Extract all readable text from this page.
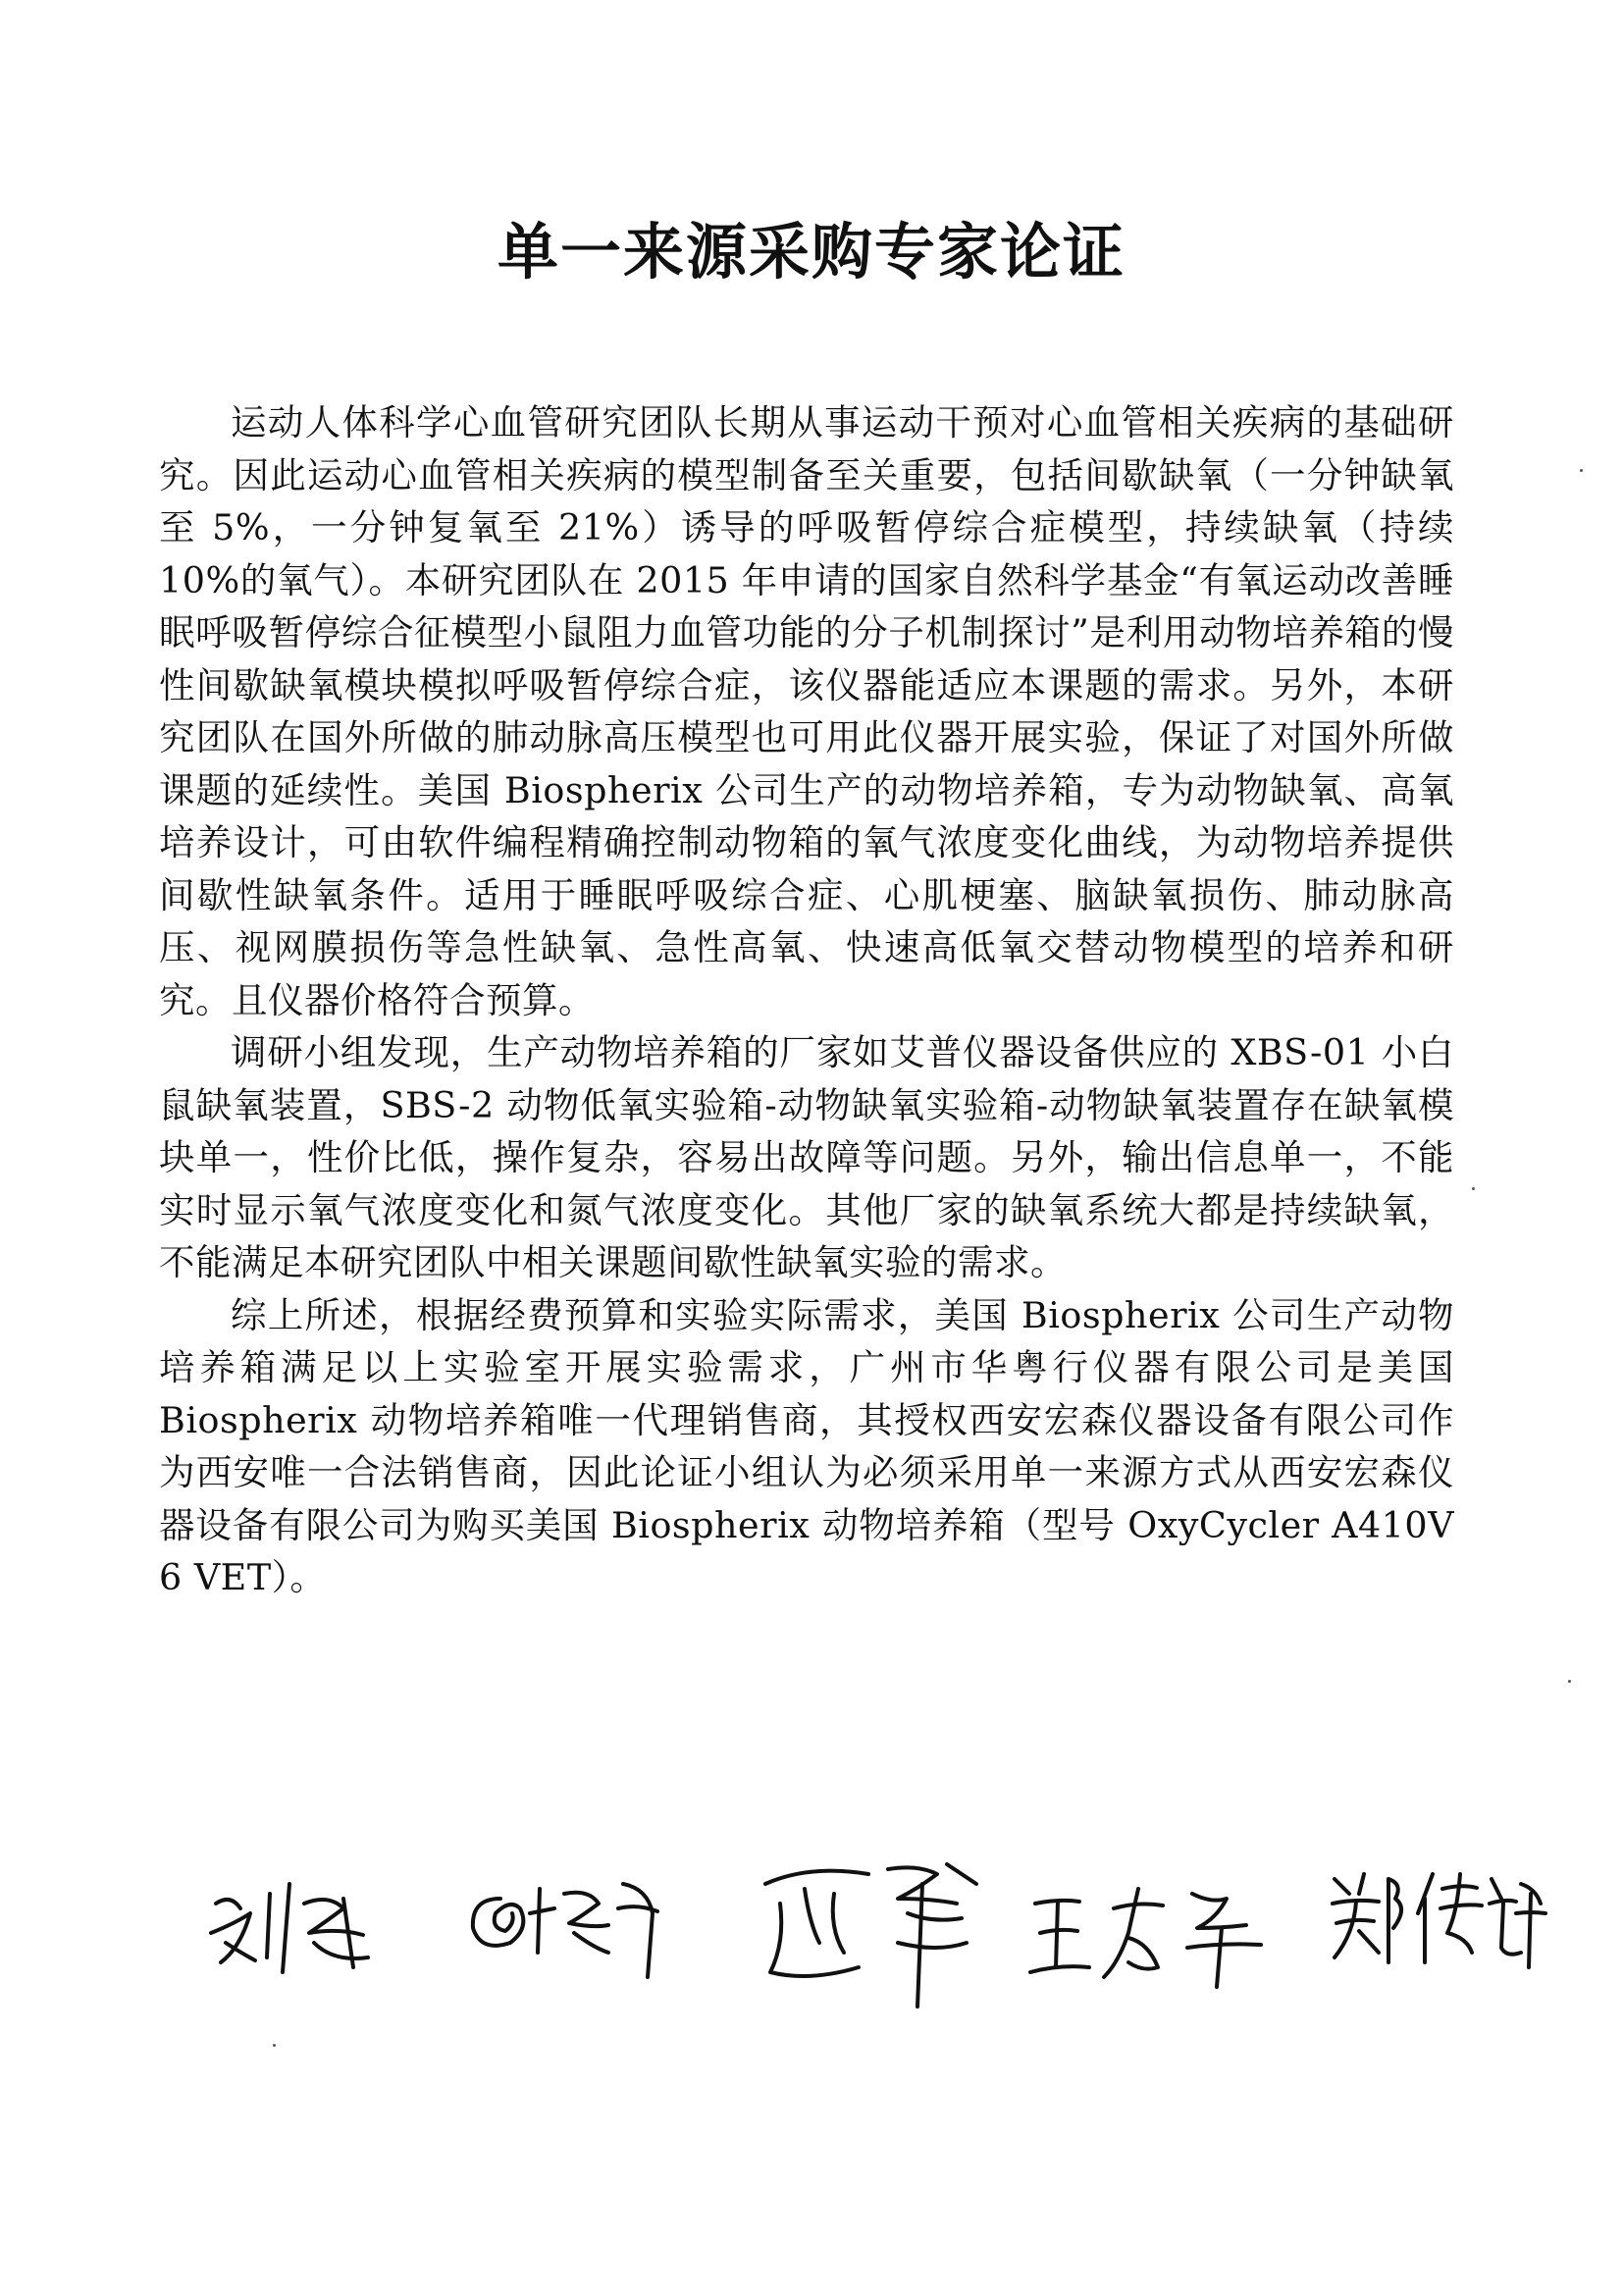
单一来源采购专家论证

运动人体科学心血管研究团队长期从事运动干预对心血管相关疾病的基础研究。因此运动心血管相关疾病的模型制备至关重要，包括间歇缺氧（一分钟缺氧至 5%，一分钟复氧至 21%）诱导的呼吸暂停综合症模型，持续缺氧（持续 10%的氧气）。本研究团队在 2015 年申请的国家自然科学基金“有氧运动改善睡眠呼吸暂停综合征模型小鼠阻力血管功能的分子机制探讨”是利用动物培养箱的慢性间歇缺氧模块模拟呼吸暂停综合症，该仪器能适应本课题的需求。另外，本研究团队在国外所做的肺动脉高压模型也可用此仪器开展实验，保证了对国外所做课题的延续性。美国 Biospherix 公司生产的动物培养箱，专为动物缺氧、高氧培养设计，可由软件编程精确控制动物箱的氧气浓度变化曲线，为动物培养提供间歇性缺氧条件。适用于睡眠呼吸综合症、心肌梗塞、脑缺氧损伤、肺动脉高压、视网膜损伤等急性缺氧、急性高氧、快速高低氧交替动物模型的培养和研究。且仪器价格符合预算。

调研小组发现，生产动物培养箱的厂家如艾普仪器设备供应的 XBS-01 小白鼠缺氧装置，SBS-2 动物低氧实验箱-动物缺氧实验箱-动物缺氧装置存在缺氧模块单一，性价比低，操作复杂，容易出故障等问题。另外，输出信息单一，不能实时显示氧气浓度变化和氮气浓度变化。其他厂家的缺氧系统大都是持续缺氧，不能满足本研究团队中相关课题间歇性缺氧实验的需求。

综上所述，根据经费预算和实验实际需求，美国 Biospherix 公司生产动物培养箱满足以上实验室开展实验需求，广州市华粤行仪器有限公司是美国 Biospherix 动物培养箱唯一代理销售商，其授权西安宏森仪器设备有限公司作为西安唯一合法销售商，因此论证小组认为必须采用单一来源方式从西安宏森仪器设备有限公司为购买美国 Biospherix 动物培养箱（型号 OxyCycler A410V 6 VET）。
